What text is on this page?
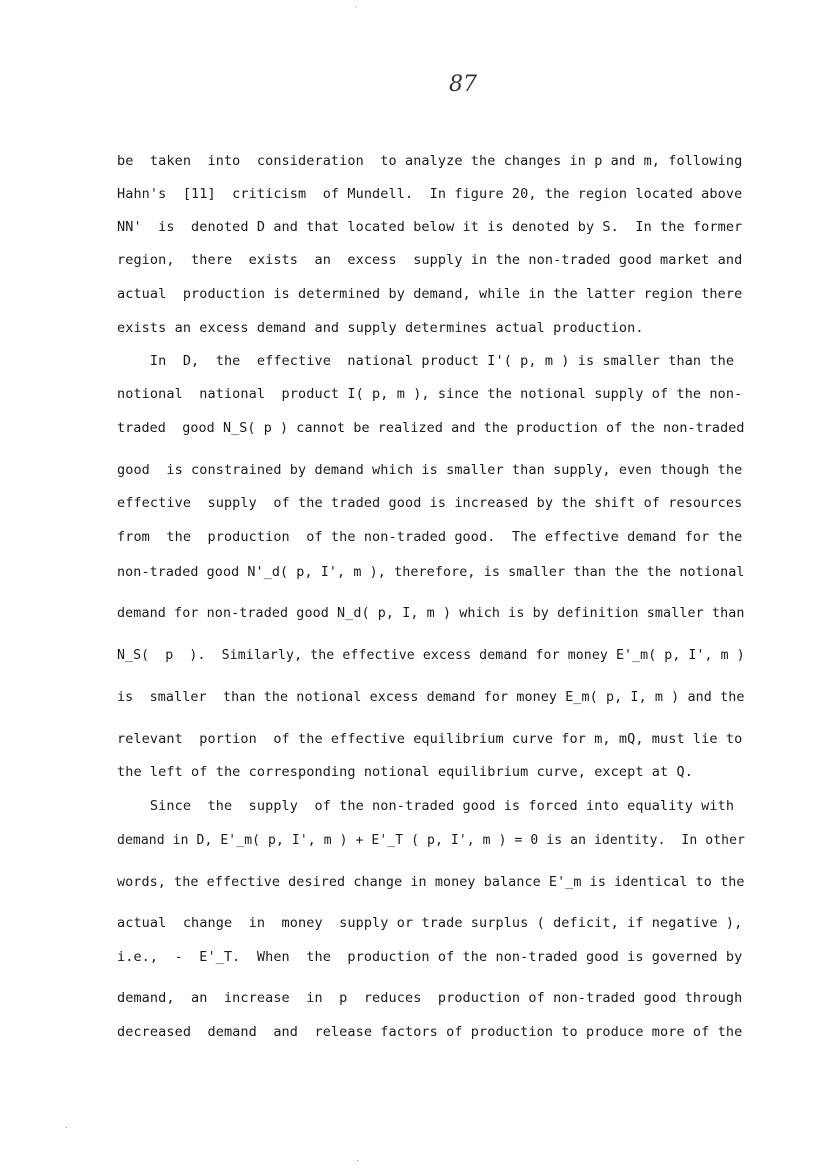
87
be  taken  into  consideration  to analyze the changes in p and m, following
Hahn's  [11]  criticism  of Mundell.  In figure 20, the region located above
NN'  is  denoted D and that located below it is denoted by S.  In the former
region,  there  exists  an  excess  supply in the non-traded good market and
actual  production is determined by demand, while in the latter region there
exists an excess demand and supply determines actual production.
In  D,  the  effective  national product I'( p, m ) is smaller than the
notional  national  product I( p, m ), since the notional supply of the non-
traded  good N_S( p ) cannot be realized and the production of the non-traded
good  is constrained by demand which is smaller than supply, even though the
effective  supply  of the traded good is increased by the shift of resources
from  the  production  of the non-traded good.  The effective demand for the
non-traded good N'_d( p, I', m ), therefore, is smaller than the the notional
demand for non-traded good N_d( p, I, m ) which is by definition smaller than
N_S(  p  ).  Similarly, the effective excess demand for money E'_m( p, I', m )
is  smaller  than the notional excess demand for money E_m( p, I, m ) and the
relevant  portion  of the effective equilibrium curve for m, mQ, must lie to
the left of the corresponding notional equilibrium curve, except at Q.
Since  the  supply  of the non-traded good is forced into equality with
demand in D, E'_m( p, I', m ) + E'_T ( p, I', m ) = 0 is an identity.  In other
words, the effective desired change in money balance E'_m is identical to the
actual  change  in  money  supply or trade surplus ( deficit, if negative ),
i.e.,  -  E'_T.  When  the  production of the non-traded good is governed by
demand,  an  increase  in  p  reduces  production of non-traded good through
decreased  demand  and  release factors of production to produce more of the
